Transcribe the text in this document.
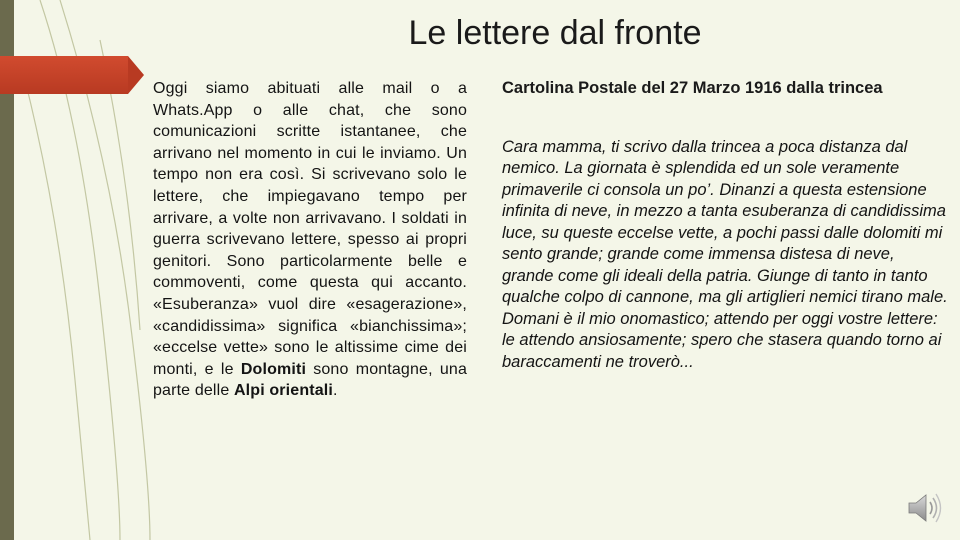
Le lettere dal fronte
Oggi siamo abituati alle mail o a Whats.App o alle chat, che sono comunicazioni scritte istantanee, che arrivano nel momento in cui le inviamo. Un tempo non era così. Si scrivevano solo le lettere, che impiegavano tempo per arrivare, a volte non arrivavano. I soldati in guerra scrivevano lettere, spesso ai propri genitori. Sono particolarmente belle e commoventi, come questa qui accanto. «Esuberanza» vuol dire «esagerazione», «candidissima» significa «bianchissima»; «eccelse vette» sono le altissime cime dei monti, e le Dolomiti sono montagne, una parte delle Alpi orientali.

Cartolina Postale del 27 Marzo 1916 dalla trincea

Cara mamma, ti scrivo dalla trincea a poca distanza dal nemico. La giornata è splendida ed un sole veramente primaverile ci consola un po’. Dinanzi a questa estensione infinita di neve, in mezzo a tanta esuberanza di candidissima luce, su queste eccelse vette, a pochi passi dalle dolomiti mi sento grande; grande come immensa distesa di neve, grande come gli ideali della patria. Giunge di tanto in tanto qualche colpo di cannone, ma gli artiglieri nemici tirano male. Domani è il mio onomastico; attendo per oggi vostre lettere: le attendo ansiosamente; spero che stasera quando torno ai baraccamenti ne troverò...
